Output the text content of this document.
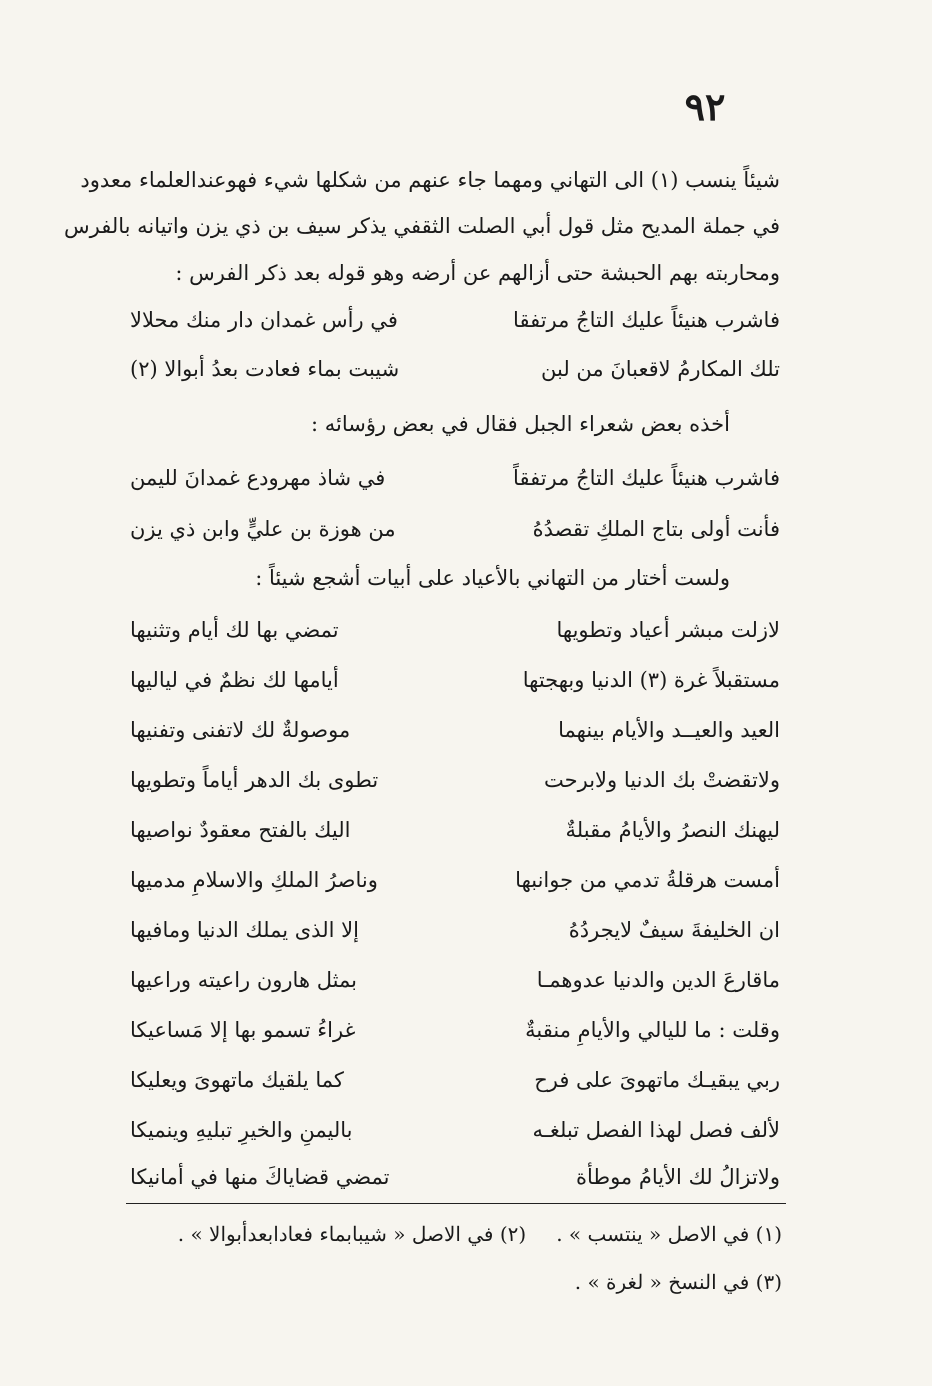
٩٢
شيئاً ينسب (١) الى التهاني ومهما جاء عنهم من شكلها شيء فهوعندالعلماء معدود
في جملة المديح مثل قول أبي الصلت الثقفي يذكر سيف بن ذي يزن واتيانه بالفرس
ومحاربته بهم الحبشة حتى أزالهم عن أرضه وهو قوله بعد ذكر الفرس :
فاشرب هنيئاً عليك التاجُ مرتفقا
في رأس غمدان دار منك محلالا
تلك المكارمُ لاقعبانَ من لبن
شيبت بماء فعادت بعدُ أبوالا (٢)
أخذه بعض شعراء الجبل فقال في بعض رؤسائه :
فاشرب هنيئاً عليك التاجُ مرتفقاً
في شاذ مهرودع غمدانَ لليمن
فأنت أولى بتاج الملكِ تقصدُهُ
من هوزة بن عليٍّ وابن ذي يزن
ولست أختار من التهاني بالأعياد على أبيات أشجع شيئاً :
لازلت مبشر أعياد وتطويها
تمضي بها لك أيام وتثنيها
مستقبلاً غرة (٣) الدنيا وبهجتها
أيامها لك نظمٌ في لياليها
العيد والعيــد والأيام بينهما
موصولةٌ لك لاتفنى وتفنيها
ولاتقضتْ بك الدنيا ولابرحت
تطوى بك الدهر أياماً وتطويها
ليهنك النصرُ والأيامُ مقبلةٌ
اليك بالفتح معقودٌ نواصيها
أمست هرقلةُ تدمي من جوانبها
وناصرُ الملكِ والاسلامِ مدميها
ان الخليفةَ سيفٌ لايجردُهُ
إلا الذى يملك الدنيا ومافيها
ماقارعَ الدين والدنيا عدوهمـا
بمثل هارون راعيته وراعيها
وقلت : ما لليالي والأيامِ منقبةٌ
غراءُ تسمو بها إلا مَساعيكا
ربي يبقيـك ماتهوىَ على فرح
كما يلقيك ماتهوىَ ويعليكا
لألف فصل لهذا الفصل تبلغـه
باليمنِ والخيرِ تبليهِ وينميكا
ولاتزالُ لك الأيامُ موطأة
تمضي قضاياكَ منها في أمانيكا
(١) في الاصل « ينتسب » .(٢) في الاصل « شيبابماء فعادابعدأبوالا » .
(٣) في النسخ « لغرة » .
